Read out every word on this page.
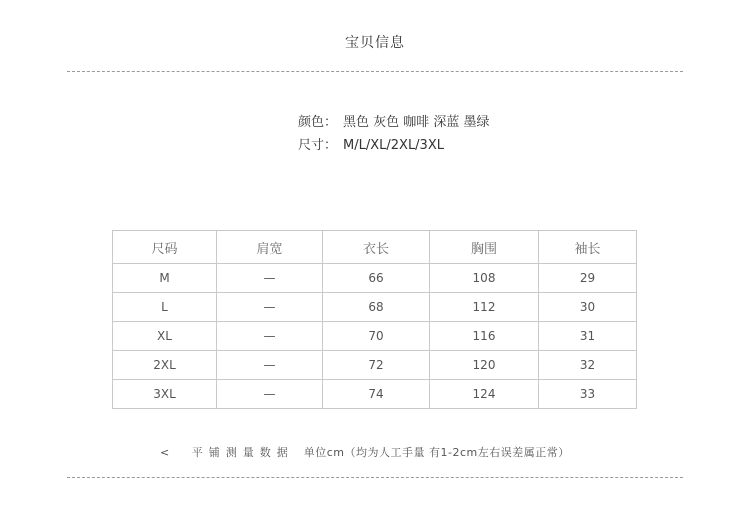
宝贝信息
颜色： 黑色 灰色 咖啡 深蓝 墨绿
尺寸： M/L/XL/2XL/3XL
尺码	肩宽	衣长	胸围	袖长
M	—	66	108	29
L	—	68	112	30
XL	—	70	116	31
2XL	—	72	120	32
3XL	—	74	124	33
< 平铺测量数据 单位cm（均为人工手量 有1-2cm左右误差属正常）
